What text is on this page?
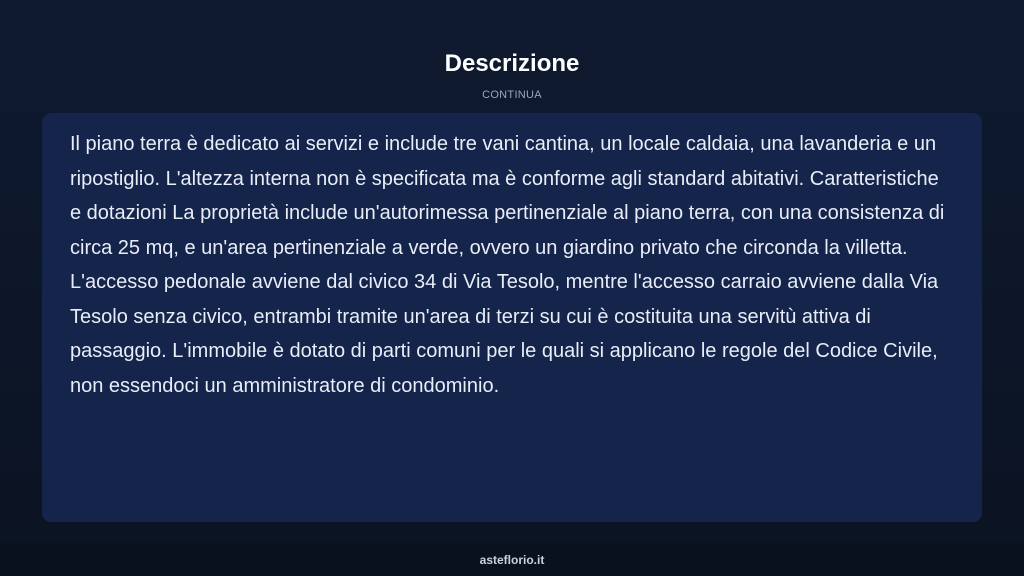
Descrizione
CONTINUA

Il piano terra è dedicato ai servizi e include tre vani cantina, un locale caldaia, una lavanderia e un ripostiglio. L'altezza interna non è specificata ma è conforme agli standard abitativi. Caratteristiche e dotazioni La proprietà include un'autorimessa pertinenziale al piano terra, con una consistenza di circa 25 mq, e un'area pertinenziale a verde, ovvero un giardino privato che circonda la villetta. L'accesso pedonale avviene dal civico 34 di Via Tesolo, mentre l'accesso carraio avviene dalla Via Tesolo senza civico, entrambi tramite un'area di terzi su cui è costituita una servitù attiva di passaggio. L'immobile è dotato di parti comuni per le quali si applicano le regole del Codice Civile, non essendoci un amministratore di condominio.

asteflorio.it
